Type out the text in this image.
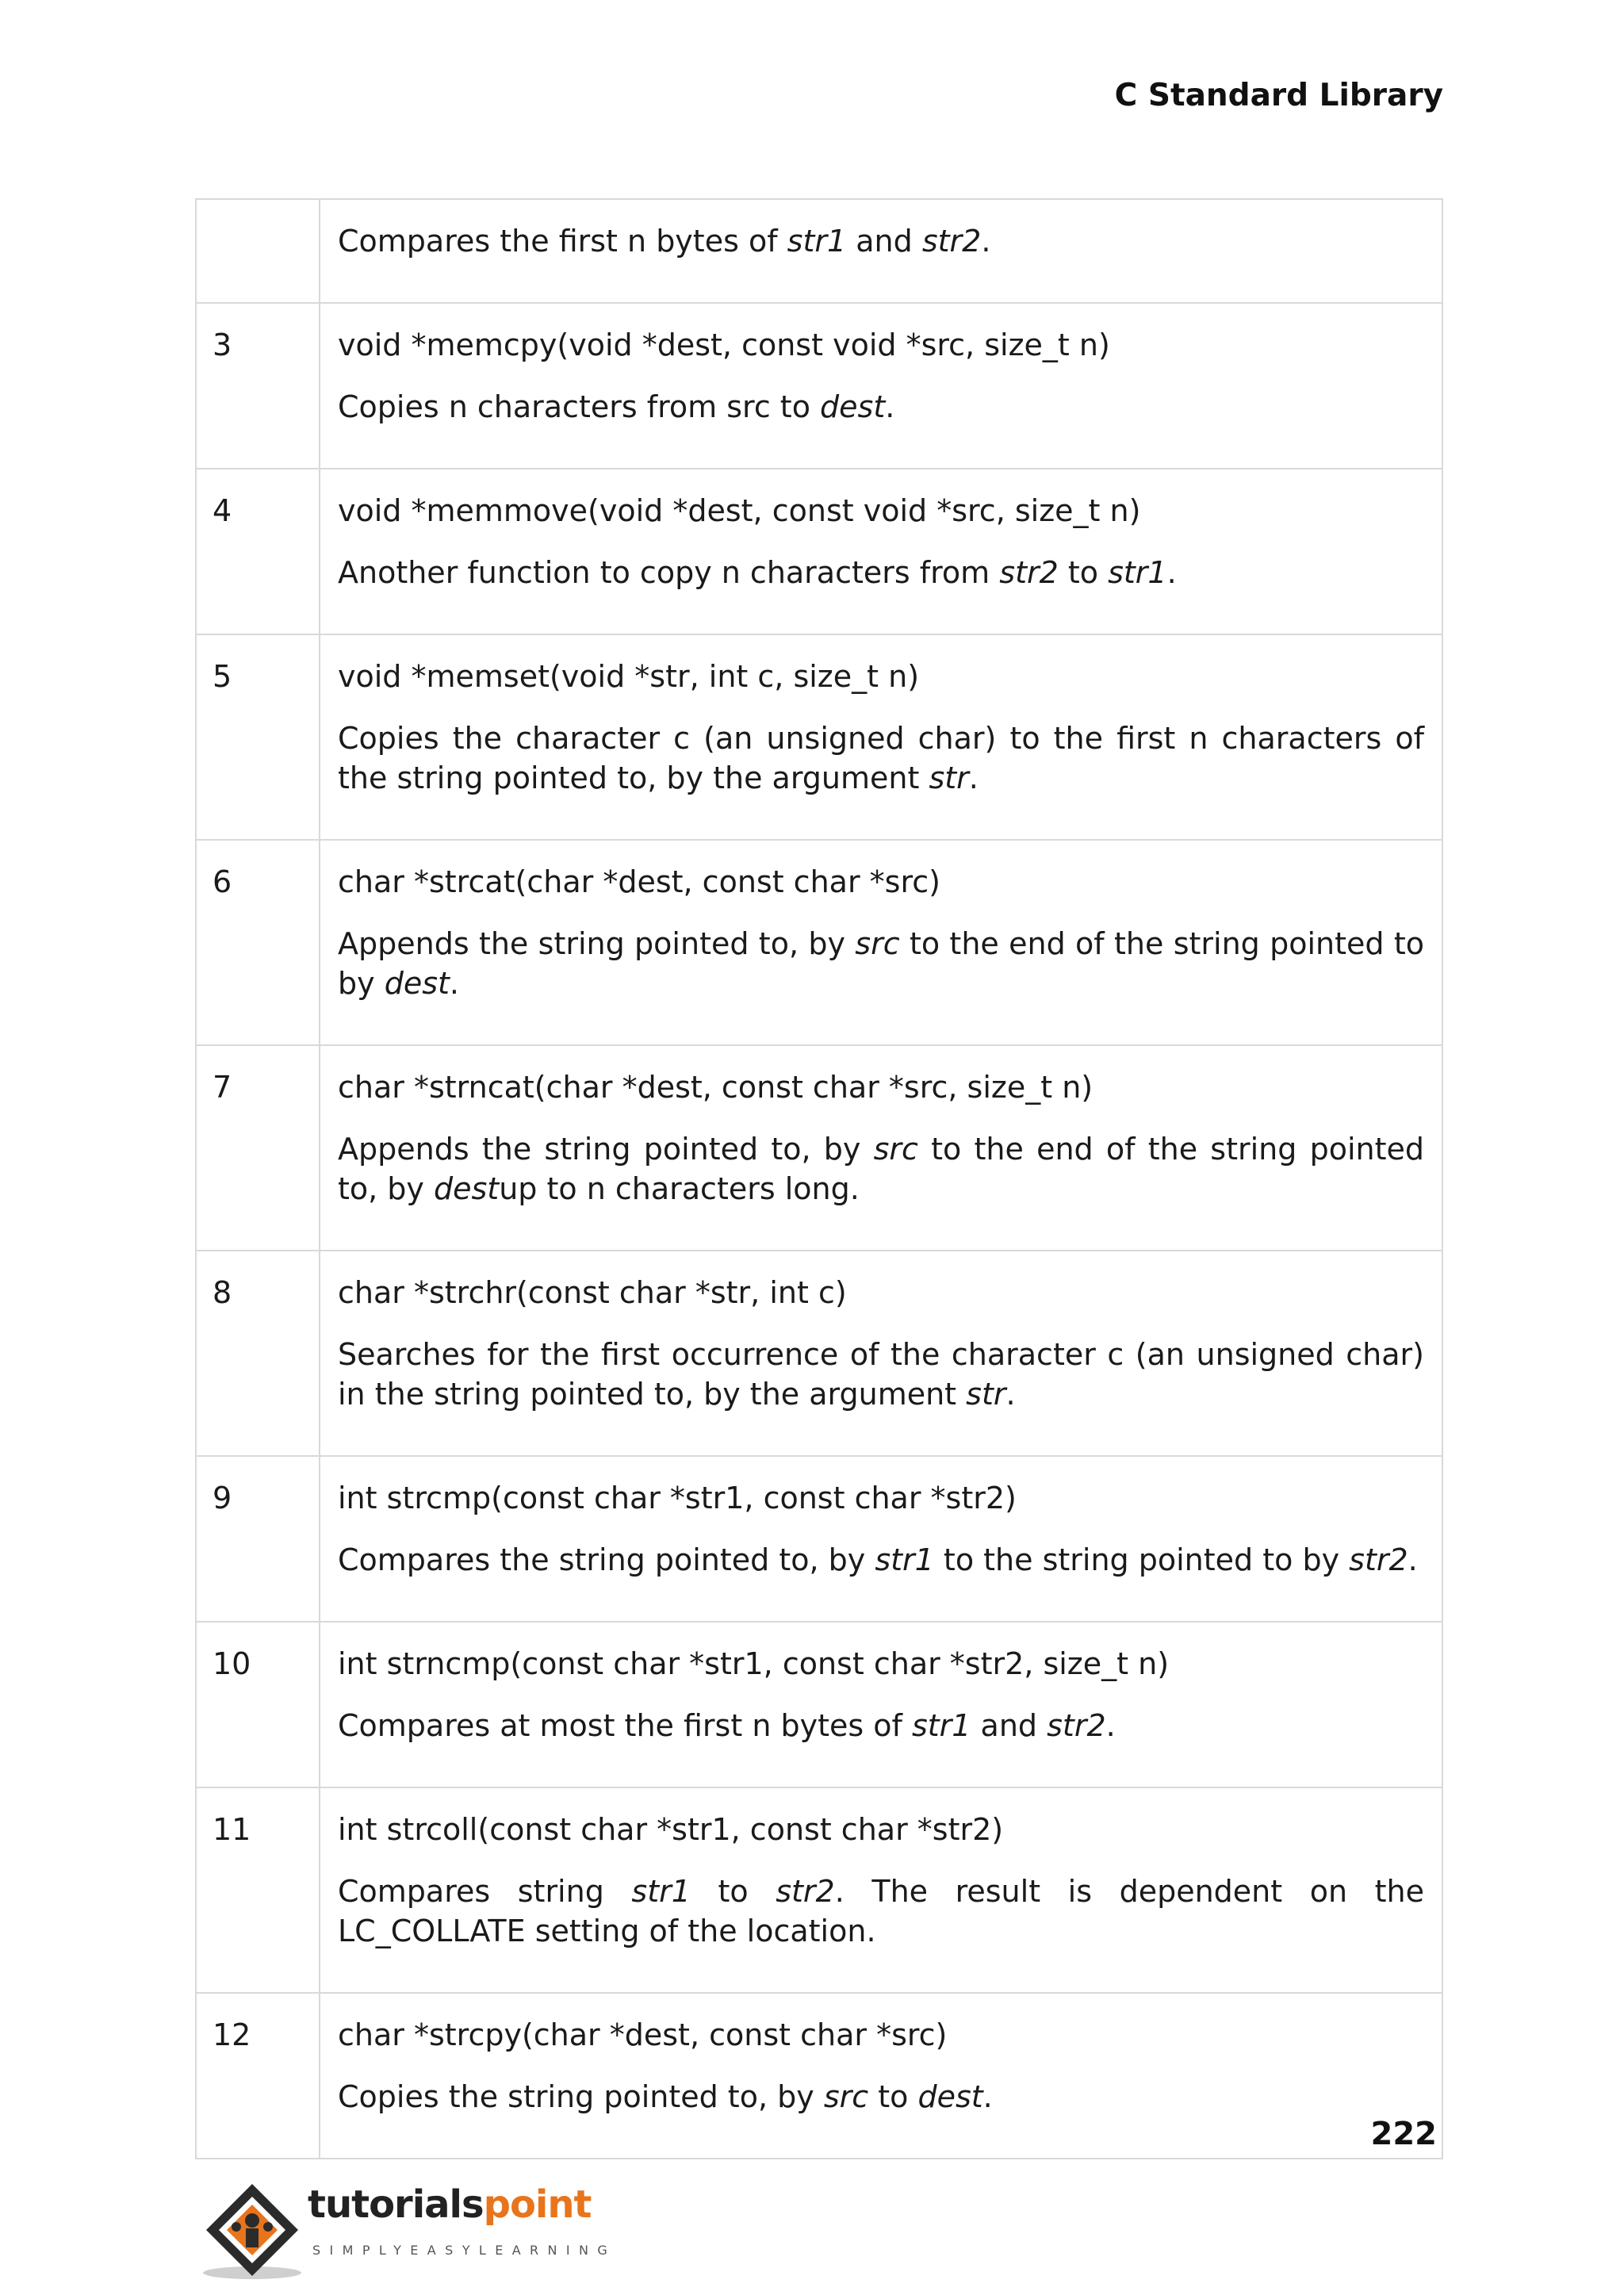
C Standard Library

	Compares the first n bytes of str1 and str2.

3	void *memcpy(void *dest, const void *src, size_t n)
Copies n characters from src to dest.

4	void *memmove(void *dest, const void *src, size_t n)
Another function to copy n characters from str2 to str1.

5	void *memset(void *str, int c, size_t n)
Copies the character c (an unsigned char) to the first n characters of the string pointed to, by the argument str.

6	char *strcat(char *dest, const char *src)
Appends the string pointed to, by src to the end of the string pointed to by dest.

7	char *strncat(char *dest, const char *src, size_t n)
Appends the string pointed to, by src to the end of the string pointed to, by destup to n characters long.

8	char *strchr(const char *str, int c)
Searches for the first occurrence of the character c (an unsigned char) in the string pointed to, by the argument str.

9	int strcmp(const char *str1, const char *str2)
Compares the string pointed to, by str1 to the string pointed to by str2.

10	int strncmp(const char *str1, const char *str2, size_t n)
Compares at most the first n bytes of str1 and str2.

11	int strcoll(const char *str1, const char *str2)
Compares string str1 to str2. The result is dependent on the LC_COLLATE setting of the location.

12	char *strcpy(char *dest, const char *src)
Copies the string pointed to, by src to dest.
222
tutorialspoint
SIMPLYEASYLEARNING
